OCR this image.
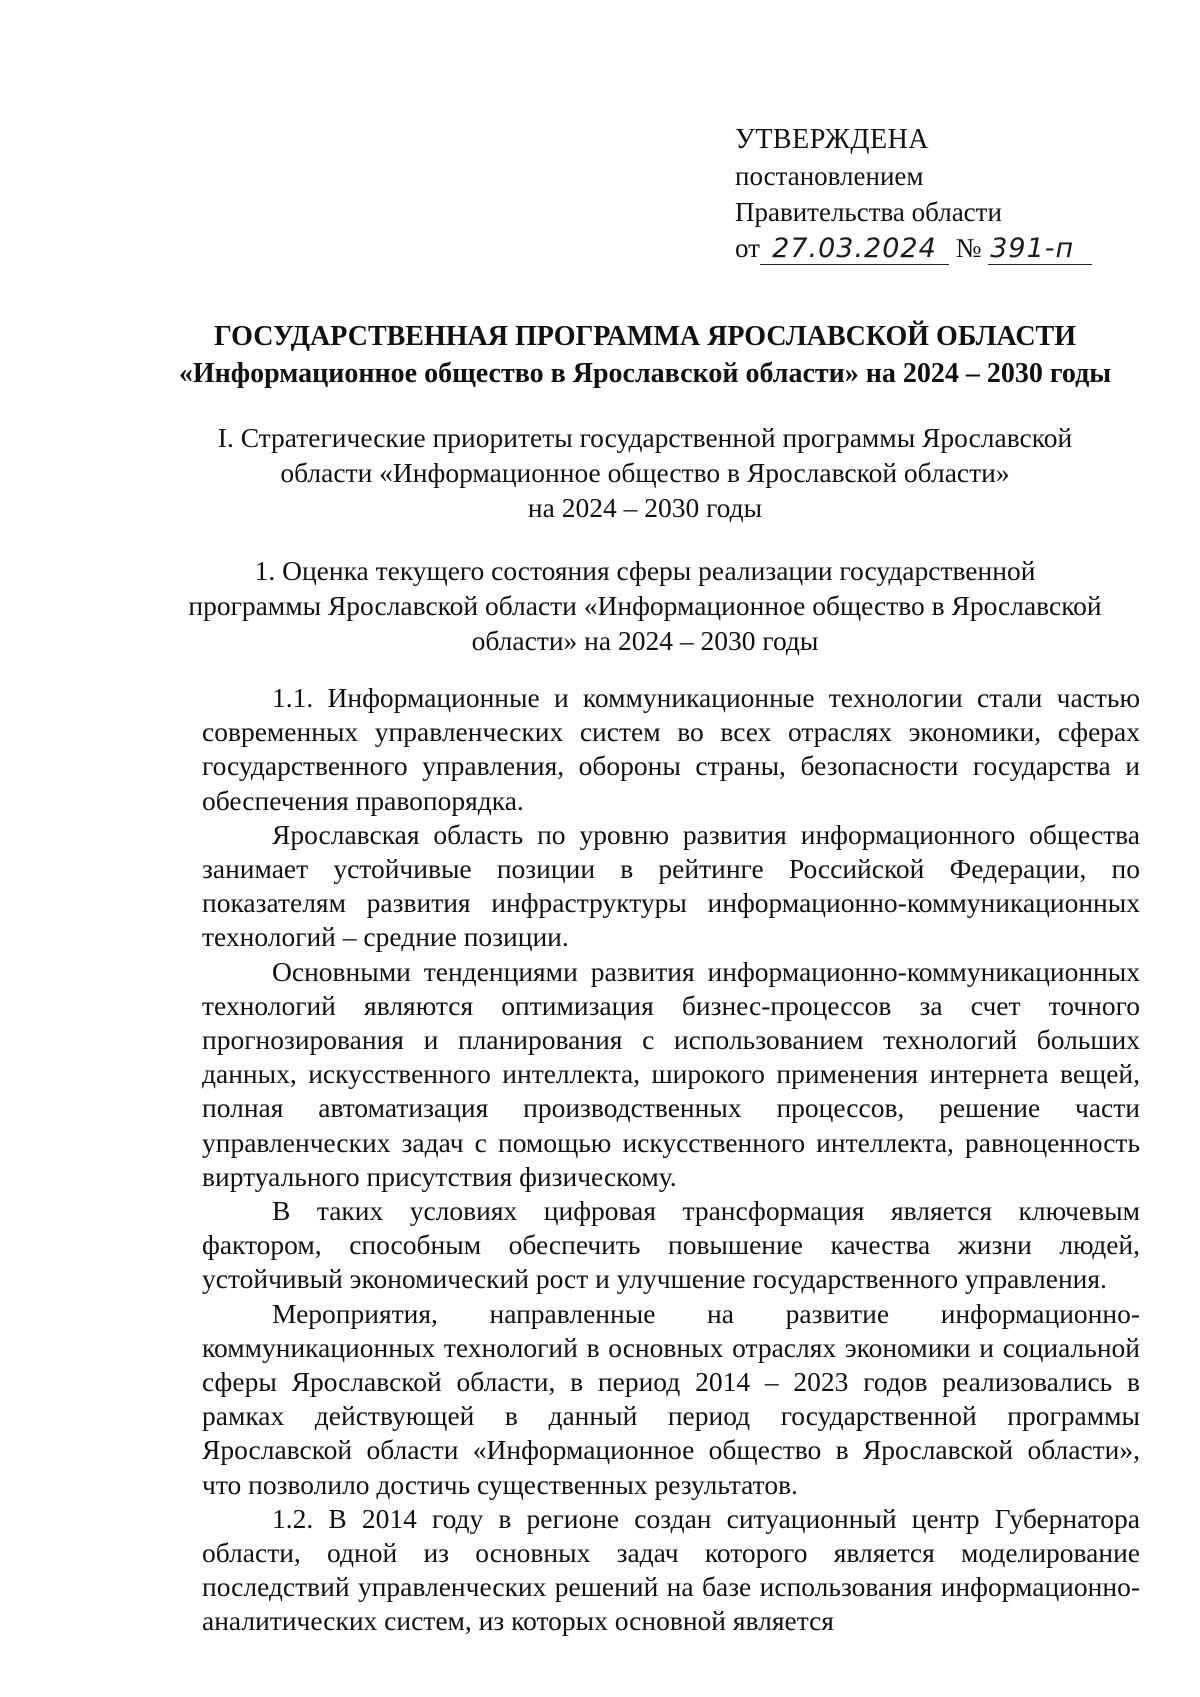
УТВЕРЖДЕНА
постановлением
Правительства области
от 27.03.2024 № 391-п
ГОСУДАРСТВЕННАЯ ПРОГРАММА ЯРОСЛАВСКОЙ ОБЛАСТИ
«Информационное общество в Ярославской области» на 2024 – 2030 годы
I. Стратегические приоритеты государственной программы Ярославской
области «Информационное общество в Ярославской области»
на 2024 – 2030 годы
1. Оценка текущего состояния сферы реализации государственной
программы Ярославской области «Информационное общество в Ярославской
области» на 2024 – 2030 годы

1.1. Информационные и коммуникационные технологии стали частью современных управленческих систем во всех отраслях экономики, сферах государственного управления, обороны страны, безопасности государства и обеспечения правопорядка.

Ярославская область по уровню развития информационного общества занимает устойчивые позиции в рейтинге Российской Федерации, по показателям развития инфраструктуры информационно-коммуникационных технологий – средние позиции.

Основными тенденциями развития информационно-коммуникационных технологий являются оптимизация бизнес-процессов за счет точного прогнозирования и планирования с использованием технологий больших данных, искусственного интеллекта, широкого применения интернета вещей, полная автоматизация производственных процессов, решение части управленческих задач с помощью искусственного интеллекта, равноценность виртуального присутствия физическому.

В таких условиях цифровая трансформация является ключевым фактором, способным обеспечить повышение качества жизни людей, устойчивый экономический рост и улучшение государственного управления.

Мероприятия, направленные на развитие информационно-коммуникационных технологий в основных отраслях экономики и социальной сферы Ярославской области, в период 2014 – 2023 годов реализовались в рамках действующей в данный период государственной программы Ярославской области «Информационное общество в Ярославской области», что позволило достичь существенных результатов.

1.2. В 2014 году в регионе создан ситуационный центр Губернатора области, одной из основных задач которого является моделирование последствий управленческих решений на базе использования информационно-аналитических систем, из которых основной является
